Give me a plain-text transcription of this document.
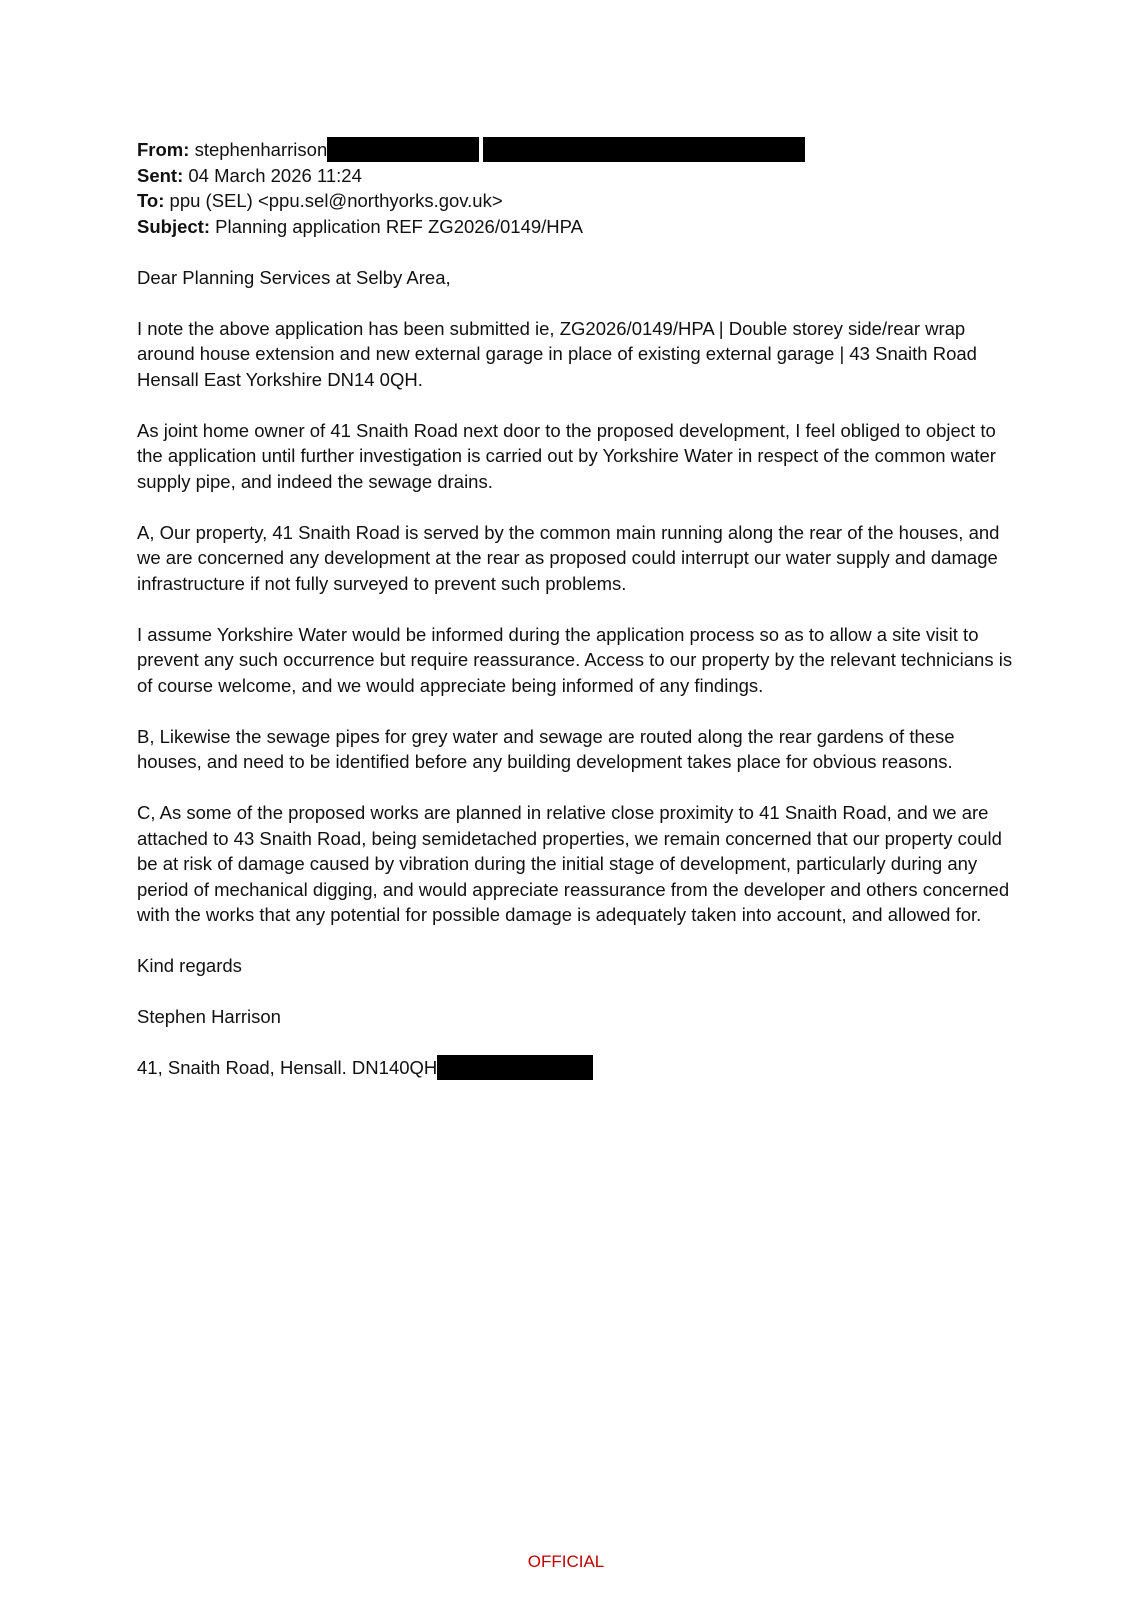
From: stephenharrison

Sent: 04 March 2026 11:24

To: ppu (SEL) <ppu.sel@northyorks.gov.uk>

Subject: Planning application REF ZG2026/0149/HPA

Dear Planning Services at Selby Area,

I note the above application has been submitted ie, ZG2026/0149/HPA | Double storey side/rear wrap around house extension and new external garage in place of existing external garage | 43 Snaith Road Hensall East Yorkshire DN14 0QH.

As joint home owner of 41 Snaith Road next door to the proposed development, I feel obliged to object to the application until further investigation is carried out by Yorkshire Water in respect of the common water supply pipe, and indeed the sewage drains.

A, Our property, 41 Snaith Road is served by the common main running along the rear of the houses, and we are concerned any development at the rear as proposed could interrupt our water supply and damage infrastructure if not fully surveyed to prevent such problems.

I assume Yorkshire Water would be informed during the application process so as to allow a site visit to prevent any such occurrence but require reassurance. Access to our property by the relevant technicians is of course welcome, and we would appreciate being informed of any findings.

B, Likewise the sewage pipes for grey water and sewage are routed along the rear gardens of these houses, and need to be identified before any building development takes place for obvious reasons.

C, As some of the proposed works are planned in relative close proximity to 41 Snaith Road, and we are attached to 43 Snaith Road, being semidetached properties, we remain concerned that our property could be at risk of damage caused by vibration during the initial stage of development, particularly during any period of mechanical digging, and would appreciate reassurance from the developer and others concerned with the works that any potential for possible damage is adequately taken into account, and allowed for.

Kind regards

Stephen Harrison

41, Snaith Road, Hensall. DN140QH

OFFICIAL
